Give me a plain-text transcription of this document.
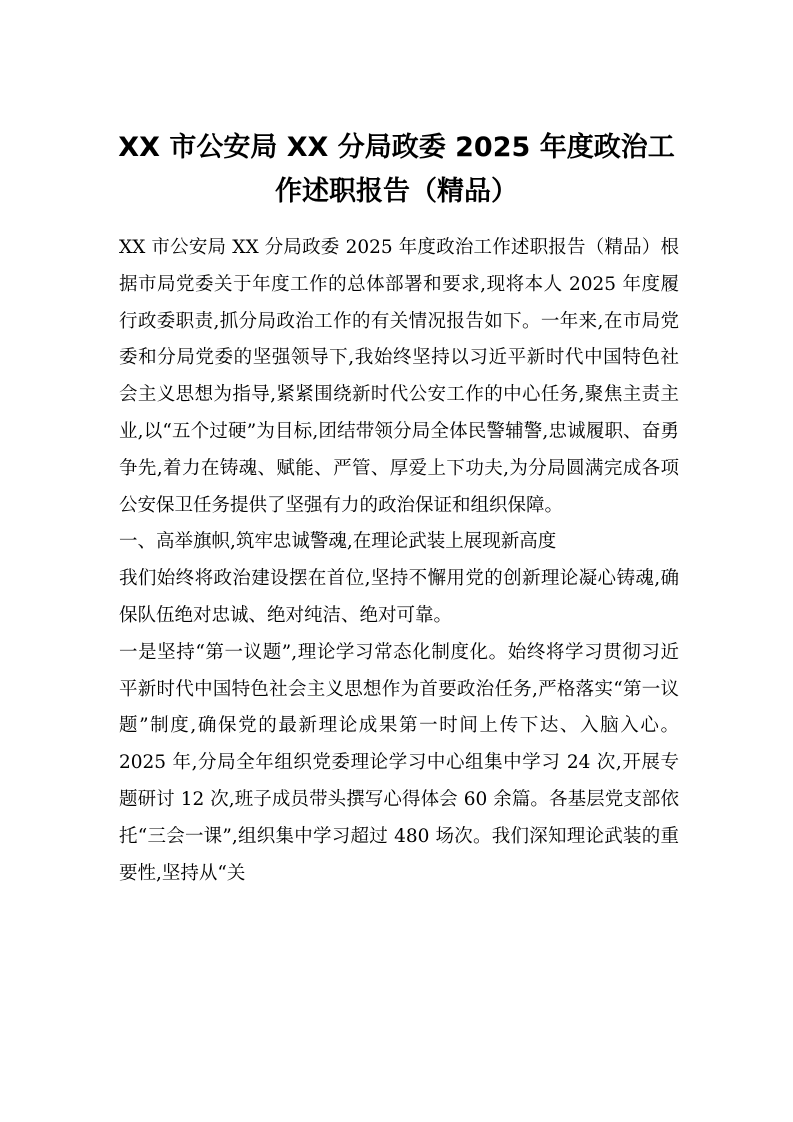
XX 市公安局 XX 分局政委 2025 年度政治工
作述职报告（精品）

XX 市公安局 XX 分局政委 2025 年度政治工作述职报告（精品）根据市局党委关于年度工作的总体部署和要求,现将本人 2025 年度履行政委职责,抓分局政治工作的有关情况报告如下。一年来,在市局党委和分局党委的坚强领导下,我始终坚持以习近平新时代中国特色社会主义思想为指导,紧紧围绕新时代公安工作的中心任务,聚焦主责主业,以“五个过硬”为目标,团结带领分局全体民警辅警,忠诚履职、奋勇争先,着力在铸魂、赋能、严管、厚爱上下功夫,为分局圆满完成各项公安保卫任务提供了坚强有力的政治保证和组织保障。

一、高举旗帜,筑牢忠诚警魂,在理论武装上展现新高度

我们始终将政治建设摆在首位,坚持不懈用党的创新理论凝心铸魂,确保队伍绝对忠诚、绝对纯洁、绝对可靠。

一是坚持“第一议题”,理论学习常态化制度化。始终将学习贯彻习近平新时代中国特色社会主义思想作为首要政治任务,严格落实“第一议题”制度,确保党的最新理论成果第一时间上传下达、入脑入心。2025 年,分局全年组织党委理论学习中心组集中学习 24 次,开展专题研讨 12 次,班子成员带头撰写心得体会 60 余篇。各基层党支部依托“三会一课”,组织集中学习超过 480 场次。我们深知理论武装的重要性,坚持从“关
